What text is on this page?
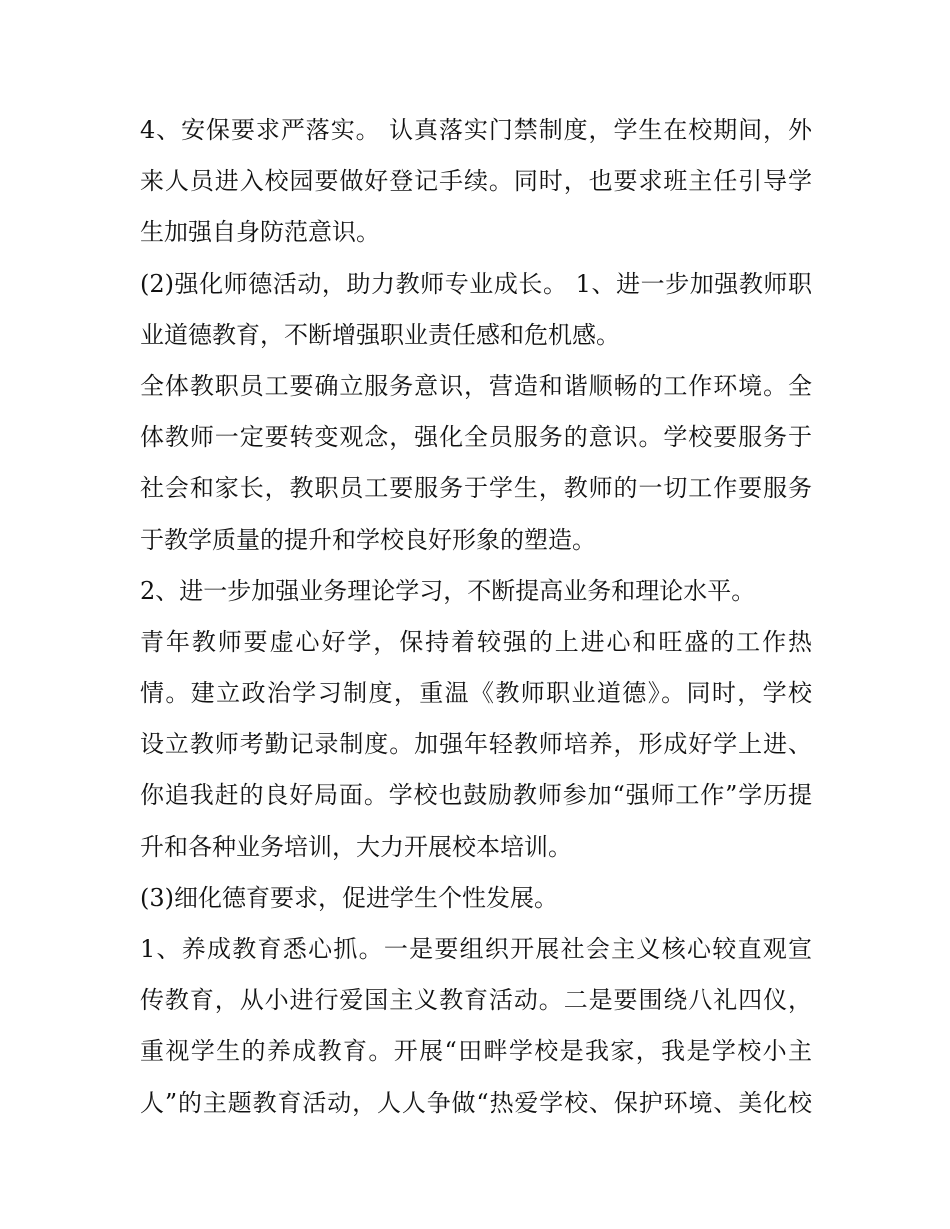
4、安保要求严落实。 认真落实门禁制度，学生在校期间，外
来人员进入校园要做好登记手续。同时，也要求班主任引导学
生加强自身防范意识。
(2)强化师德活动，助力教师专业成长。 1、进一步加强教师职
业道德教育，不断增强职业责任感和危机感。
全体教职员工要确立服务意识，营造和谐顺畅的工作环境。全
体教师一定要转变观念，强化全员服务的意识。学校要服务于
社会和家长，教职员工要服务于学生，教师的一切工作要服务
于教学质量的提升和学校良好形象的塑造。
2、进一步加强业务理论学习，不断提高业务和理论水平。
青年教师要虚心好学，保持着较强的上进心和旺盛的工作热
情。建立政治学习制度，重温《教师职业道德》。同时，学校
设立教师考勤记录制度。加强年轻教师培养，形成好学上进、
你追我赶的良好局面。学校也鼓励教师参加“强师工作”学历提
升和各种业务培训，大力开展校本培训。
(3)细化德育要求，促进学生个性发展。
1、养成教育悉心抓。一是要组织开展社会主义核心较直观宣
传教育，从小进行爱国主义教育活动。二是要围绕八礼四仪，
重视学生的养成教育。开展“田畔学校是我家，我是学校小主
人”的主题教育活动，人人争做“热爱学校、保护环境、美化校
